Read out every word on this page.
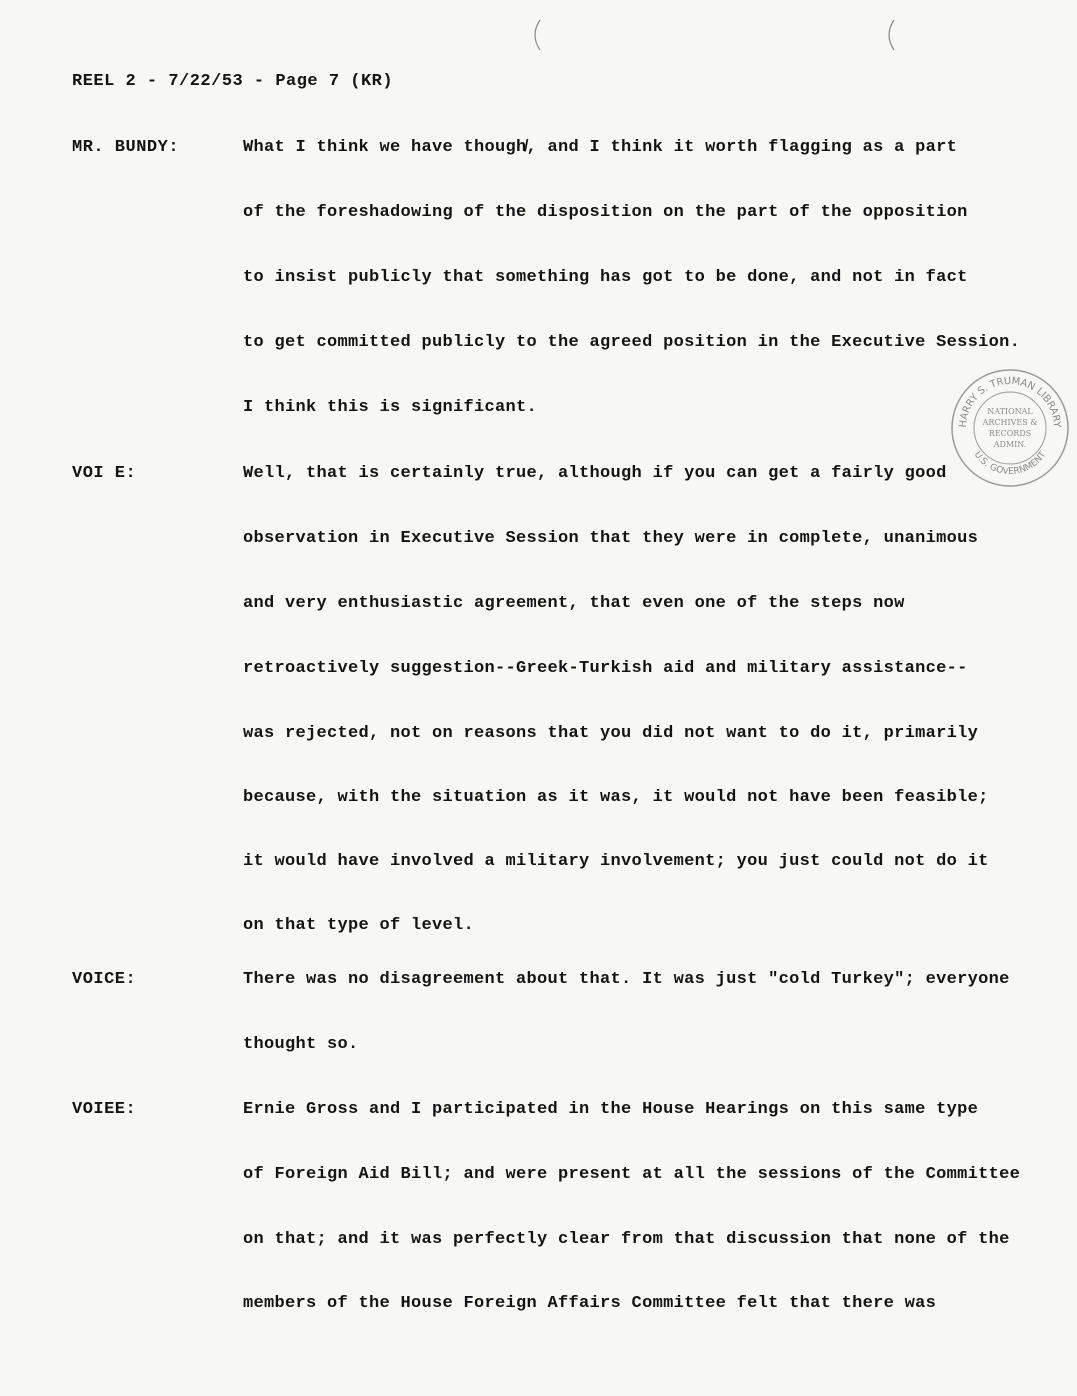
REEL 2 - 7/22/53 - Page 7 (KR)
MR. BUNDY:
VOI E:
VOICE:
VOIEE:
What I think we have though̸, and I think it worth flagging as a part
of the foreshadowing of the disposition on the part of the opposition
to insist publicly that something has got to be done, and not in fact
to get committed publicly to the agreed position in the Executive Session.
I think this is significant.
Well, that is certainly true, although if you can get a fairly good
observation in Executive Session that they were in complete, unanimous
and very enthusiastic agreement, that even one of the steps now
retroactively suggestion--Greek-Turkish aid and military assistance--
was rejected, not on reasons that you did not want to do it, primarily
because, with the situation as it was, it would not have been feasible;
it would have involved a military involvement; you just could not do it
on that type of level.
There was no disagreement about that. It was just "cold Turkey"; everyone
thought so.
Ernie Gross and I participated in the House Hearings on this same type
of Foreign Aid Bill; and were present at all the sessions of the Committee
on that; and it was perfectly clear from that discussion that none of the
members of the House Foreign Affairs Committee felt that there was
HARRY S. TRUMAN LIBRARY
U.S. GOVERNMENT
NATIONAL
ARCHIVES &
RECORDS
ADMIN.
